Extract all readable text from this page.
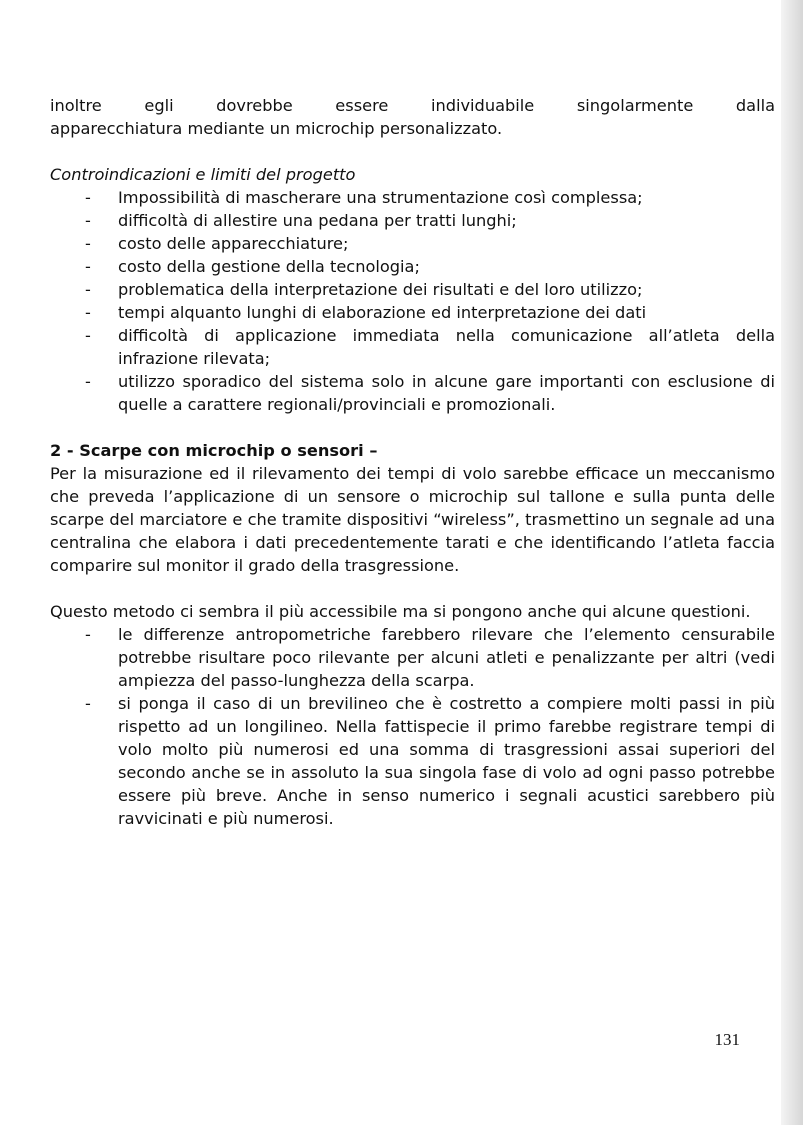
inoltre egli dovrebbe essere individuabile singolarmente dalla

apparecchiatura mediante un microchip personalizzato.

Controindicazioni e limiti del progetto

- Impossibilità di mascherare una strumentazione così complessa;
- difficoltà di allestire una pedana per tratti lunghi;
- costo delle apparecchiature;
- costo della gestione della tecnologia;
- problematica della interpretazione dei risultati e del loro utilizzo;
- tempi alquanto lunghi di elaborazione ed interpretazione dei dati
- difficoltà di applicazione immediata nella comunicazione all’atleta della infrazione rilevata;
- utilizzo sporadico del sistema solo in alcune gare importanti con esclusione di quelle a carattere regionali/provinciali e promozionali.

2 - Scarpe con microchip o sensori –

Per la misurazione ed il rilevamento dei tempi di volo sarebbe efficace un meccanismo che preveda l’applicazione di un sensore o microchip sul tallone e sulla punta delle scarpe del marciatore e che tramite dispositivi “wireless”, trasmettino un segnale ad una centralina che elabora i dati precedentemente tarati e che identificando l’atleta faccia comparire sul monitor il grado della trasgressione.

Questo metodo ci sembra il più accessibile ma si pongono anche qui alcune questioni.

- le differenze antropometriche farebbero rilevare che l’elemento censurabile potrebbe risultare poco rilevante per alcuni atleti e penalizzante per altri (vedi ampiezza del passo-lunghezza della scarpa.
- si ponga il caso di un brevilineo che è costretto a compiere molti passi in più rispetto ad un longilineo. Nella fattispecie il primo farebbe registrare tempi di volo molto più numerosi ed una somma di trasgressioni assai superiori del secondo anche se in assoluto la sua singola fase di volo ad ogni passo potrebbe essere più breve. Anche in senso numerico i segnali acustici sarebbero più ravvicinati e più numerosi.
131
